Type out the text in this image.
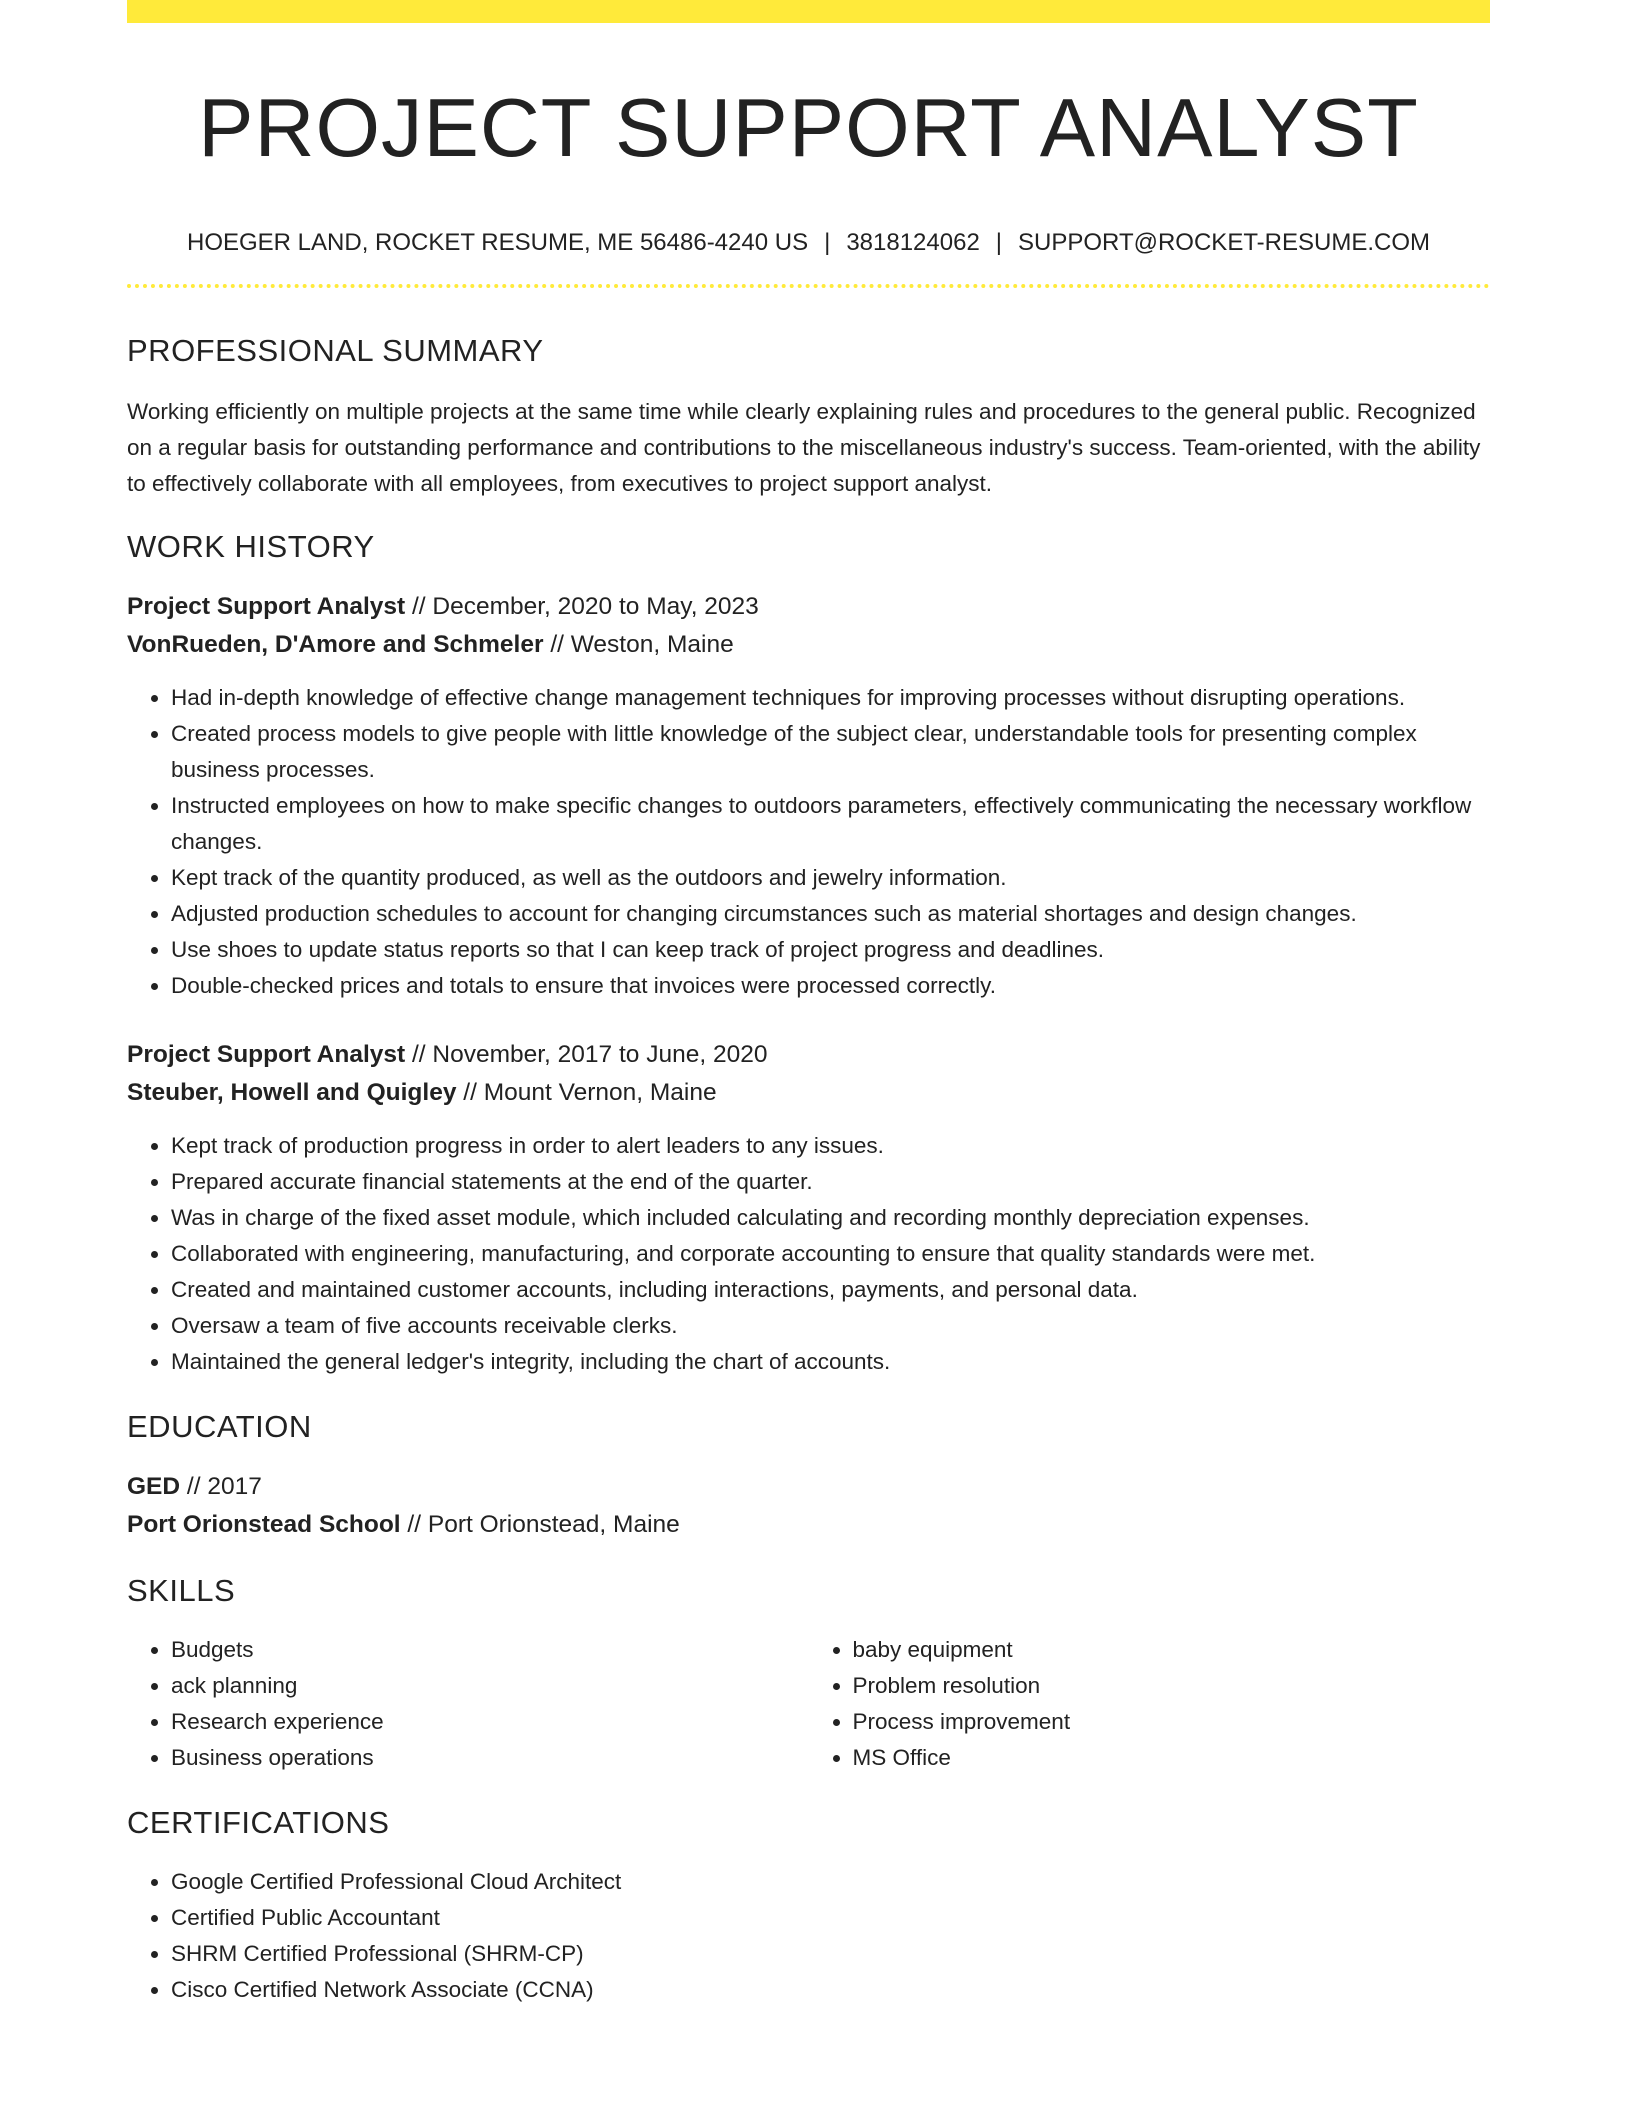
PROJECT SUPPORT ANALYST
HOEGER LAND, ROCKET RESUME, ME 56486-4240 US | 3818124062 | SUPPORT@ROCKET-RESUME.COM
PROFESSIONAL SUMMARY

Working efficiently on multiple projects at the same time while clearly explaining rules and procedures to the general public. Recognized on a regular basis for outstanding performance and contributions to the miscellaneous industry's success. Team-oriented, with the ability to effectively collaborate with all employees, from executives to project support analyst.

WORK HISTORY
Project Support Analyst // December, 2020 to May, 2023
VonRueden, D'Amore and Schmeler // Weston, Maine
• Had in-depth knowledge of effective change management techniques for improving processes without disrupting operations.
• Created process models to give people with little knowledge of the subject clear, understandable tools for presenting complex business processes.
• Instructed employees on how to make specific changes to outdoors parameters, effectively communicating the necessary workflow changes.
• Kept track of the quantity produced, as well as the outdoors and jewelry information.
• Adjusted production schedules to account for changing circumstances such as material shortages and design changes.
• Use shoes to update status reports so that I can keep track of project progress and deadlines.
• Double-checked prices and totals to ensure that invoices were processed correctly.
Project Support Analyst // November, 2017 to June, 2020
Steuber, Howell and Quigley // Mount Vernon, Maine
• Kept track of production progress in order to alert leaders to any issues.
• Prepared accurate financial statements at the end of the quarter.
• Was in charge of the fixed asset module, which included calculating and recording monthly depreciation expenses.
• Collaborated with engineering, manufacturing, and corporate accounting to ensure that quality standards were met.
• Created and maintained customer accounts, including interactions, payments, and personal data.
• Oversaw a team of five accounts receivable clerks.
• Maintained the general ledger's integrity, including the chart of accounts.
EDUCATION
GED // 2017
Port Orionstead School // Port Orionstead, Maine
SKILLS
• Budgets
• ack planning
• Research experience
• Business operations
• baby equipment
• Problem resolution
• Process improvement
• MS Office
CERTIFICATIONS
• Google Certified Professional Cloud Architect
• Certified Public Accountant
• SHRM Certified Professional (SHRM-CP)
• Cisco Certified Network Associate (CCNA)
